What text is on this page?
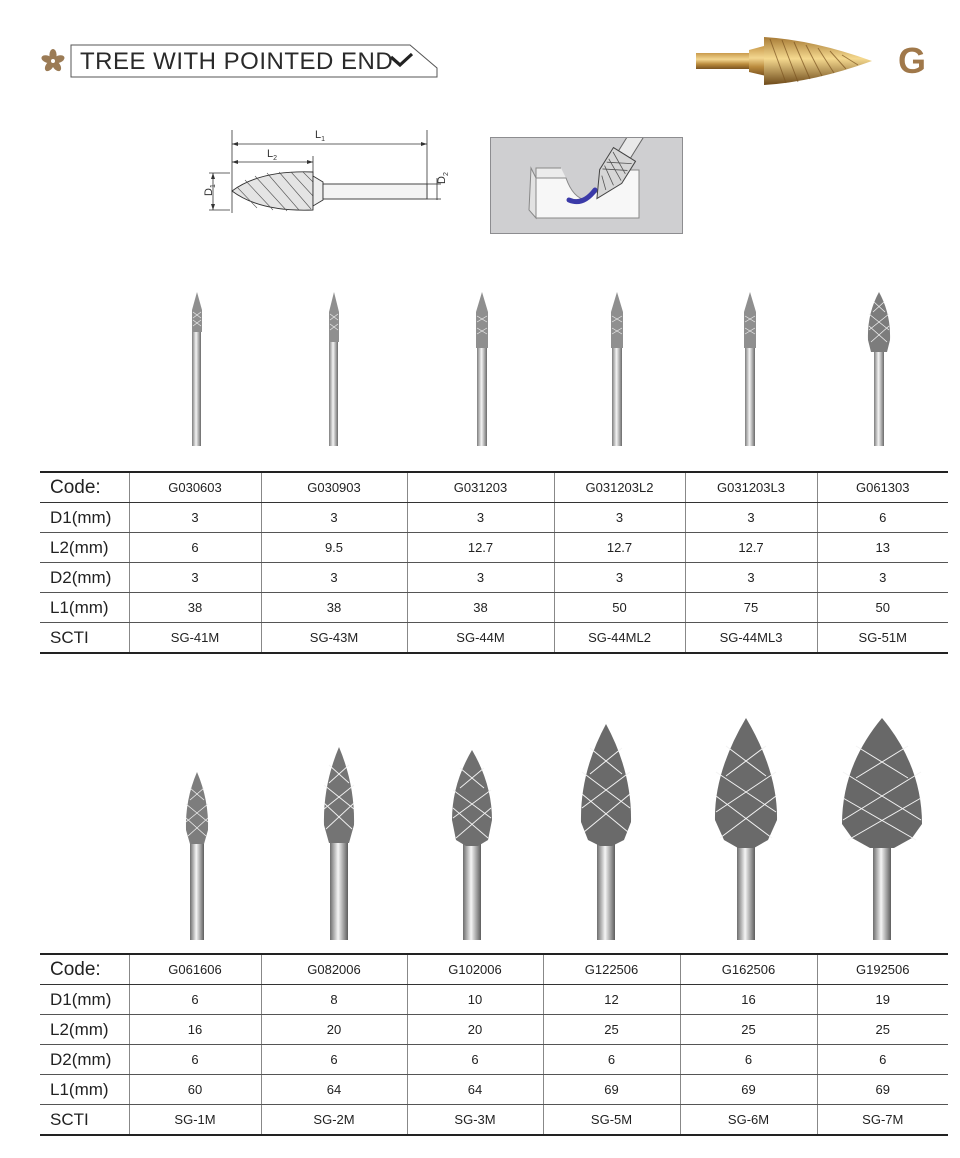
TREE WITH POINTED END	G
$L_1$
$L_2$
$D_1$
$D_2$
Code:	G030603	G030903	G031203	G031203L2	G031203L3	G061303
D1(mm)	3	3	3	3	3	6
L2(mm)	6	9.5	12.7	12.7	12.7	13
D2(mm)	3	3	3	3	3	3
L1(mm)	38	38	38	50	75	50
SCTI	SG-41M	SG-43M	SG-44M	SG-44ML2	SG-44ML3	SG-51M
Code:	G061606	G082006	G102006	G122506	G162506	G192506
D1(mm)	6	8	10	12	16	19
L2(mm)	16	20	20	25	25	25
D2(mm)	6	6	6	6	6	6
L1(mm)	60	64	64	69	69	69
SCTI	SG-1M	SG-2M	SG-3M	SG-5M	SG-6M	SG-7M
